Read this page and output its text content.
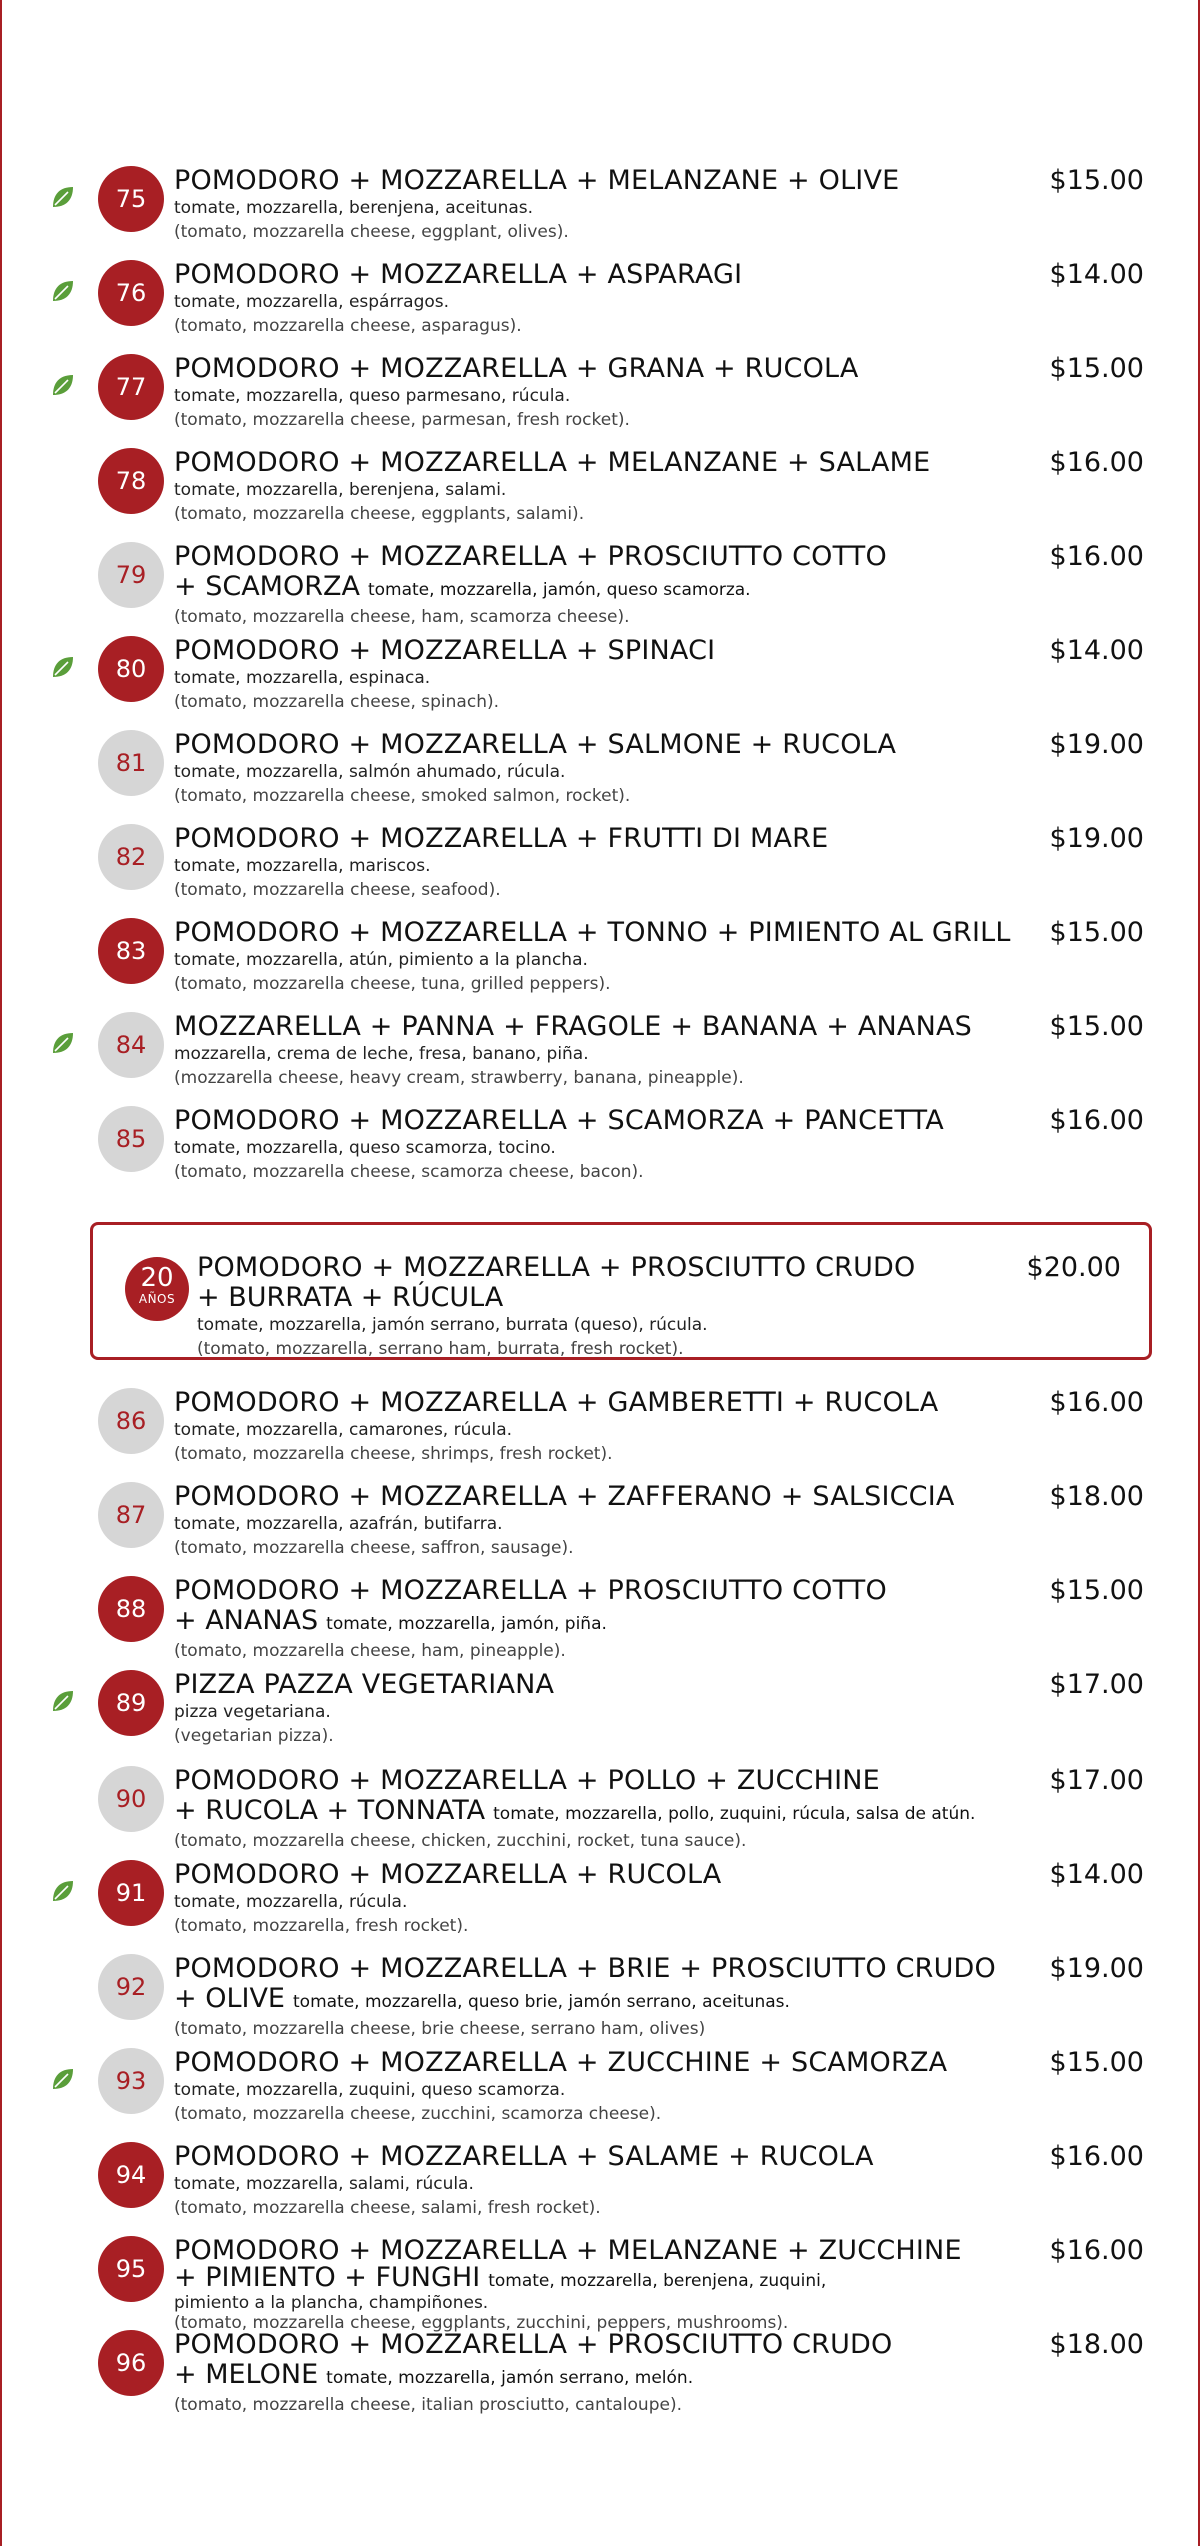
75
POMODORO + MOZZARELLA + MELANZANE + OLIVE
tomate, mozzarella, berenjena, aceitunas.
(tomato, mozzarella cheese, eggplant, olives).
$15.00
76
POMODORO + MOZZARELLA + ASPARAGI
tomate, mozzarella, espárragos.
(tomato, mozzarella cheese, asparagus).
$14.00
77
POMODORO + MOZZARELLA + GRANA + RUCOLA
tomate, mozzarella, queso parmesano, rúcula.
(tomato, mozzarella cheese, parmesan, fresh rocket).
$15.00
78
POMODORO + MOZZARELLA + MELANZANE + SALAME
tomate, mozzarella, berenjena, salami.
(tomato, mozzarella cheese, eggplants, salami).
$16.00
79
POMODORO + MOZZARELLA + PROSCIUTTO COTTO
+ SCAMORZA tomate, mozzarella, jamón, queso scamorza.
(tomato, mozzarella cheese, ham, scamorza cheese).
$16.00
80
POMODORO + MOZZARELLA + SPINACI
tomate, mozzarella, espinaca.
(tomato, mozzarella cheese, spinach).
$14.00
81
POMODORO + MOZZARELLA + SALMONE + RUCOLA
tomate, mozzarella, salmón ahumado, rúcula.
(tomato, mozzarella cheese, smoked salmon, rocket).
$19.00
82
POMODORO + MOZZARELLA + FRUTTI DI MARE
tomate, mozzarella, mariscos.
(tomato, mozzarella cheese, seafood).
$19.00
83
POMODORO + MOZZARELLA + TONNO + PIMIENTO AL GRILL
tomate, mozzarella, atún, pimiento a la plancha.
(tomato, mozzarella cheese, tuna, grilled peppers).
$15.00
84
MOZZARELLA + PANNA + FRAGOLE + BANANA + ANANAS
mozzarella, crema de leche, fresa, banano, piña.
(mozzarella cheese, heavy cream, strawberry, banana, pineapple).
$15.00
85
POMODORO + MOZZARELLA + SCAMORZA + PANCETTA
tomate, mozzarella, queso scamorza, tocino.
(tomato, mozzarella cheese, scamorza cheese, bacon).
$16.00
20
AÑOS
POMODORO + MOZZARELLA + PROSCIUTTO CRUDO
+ BURRATA + RÚCULA
tomate, mozzarella, jamón serrano, burrata (queso), rúcula.
(tomato, mozzarella, serrano ham, burrata, fresh rocket).
$20.00
86
POMODORO + MOZZARELLA + GAMBERETTI + RUCOLA
tomate, mozzarella, camarones, rúcula.
(tomato, mozzarella cheese, shrimps, fresh rocket).
$16.00
87
POMODORO + MOZZARELLA + ZAFFERANO + SALSICCIA
tomate, mozzarella, azafrán, butifarra.
(tomato, mozzarella cheese, saffron, sausage).
$18.00
88
POMODORO + MOZZARELLA + PROSCIUTTO COTTO
+ ANANAS tomate, mozzarella, jamón, piña.
(tomato, mozzarella cheese, ham, pineapple).
$15.00
89
PIZZA PAZZA VEGETARIANA
pizza vegetariana.
(vegetarian pizza).
$17.00
90
POMODORO + MOZZARELLA + POLLO + ZUCCHINE
+ RUCOLA + TONNATA tomate, mozzarella, pollo, zuquini, rúcula, salsa de atún.
(tomato, mozzarella cheese, chicken, zucchini, rocket, tuna sauce).
$17.00
91
POMODORO + MOZZARELLA + RUCOLA
tomate, mozzarella, rúcula.
(tomato, mozzarella, fresh rocket).
$14.00
92
POMODORO + MOZZARELLA + BRIE + PROSCIUTTO CRUDO
+ OLIVE tomate, mozzarella, queso brie, jamón serrano, aceitunas.
(tomato, mozzarella cheese, brie cheese, serrano ham, olives)
$19.00
93
POMODORO + MOZZARELLA + ZUCCHINE + SCAMORZA
tomate, mozzarella, zuquini, queso scamorza.
(tomato, mozzarella cheese, zucchini, scamorza cheese).
$15.00
94
POMODORO + MOZZARELLA + SALAME + RUCOLA
tomate, mozzarella, salami, rúcula.
(tomato, mozzarella cheese, salami, fresh rocket).
$16.00
95
POMODORO + MOZZARELLA + MELANZANE + ZUCCHINE
+ PIMIENTO + FUNGHI tomate, mozzarella, berenjena, zuquini,
pimiento a la plancha, champiñones.
(tomato, mozzarella cheese, eggplants, zucchini, peppers, mushrooms).
$16.00
96
POMODORO + MOZZARELLA + PROSCIUTTO CRUDO
+ MELONE tomate, mozzarella, jamón serrano, melón.
(tomato, mozzarella cheese, italian prosciutto, cantaloupe).
$18.00
